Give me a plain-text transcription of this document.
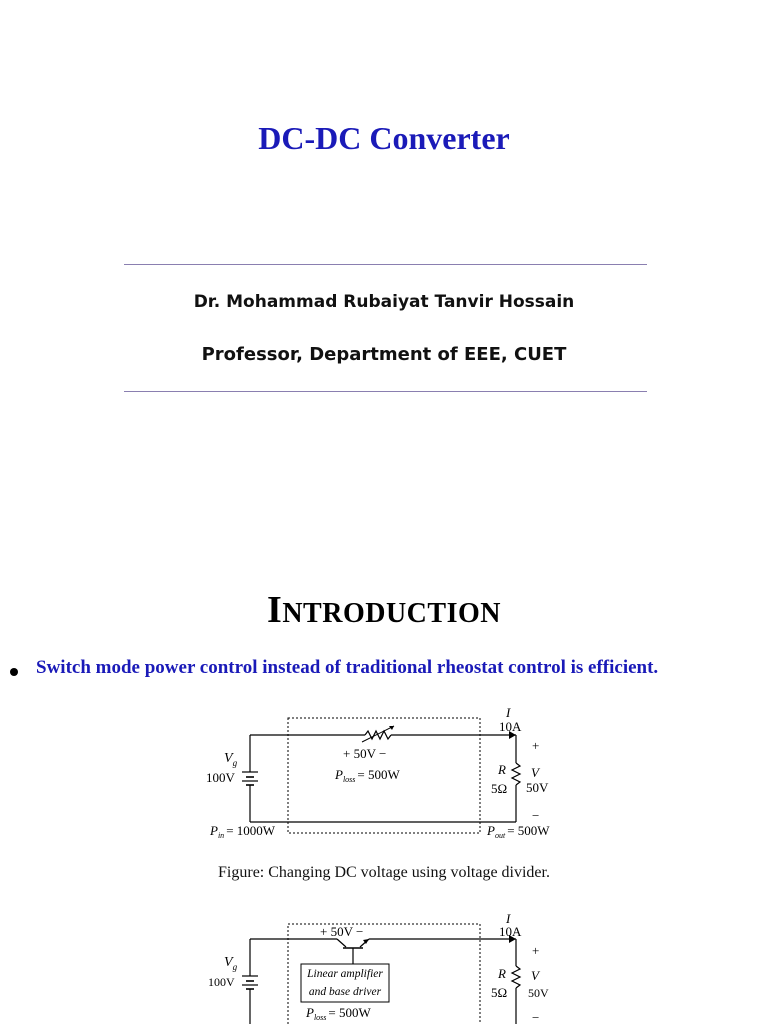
DC-DC Converter
Dr. Mohammad Rubaiyat Tanvir Hossain
Professor, Department of EEE, CUET
INTRODUCTION
Switch mode power control instead of traditional rheostat control is efficient.
$V_g$
100V
+ 50V −
$P_{loss} = 500W$
I
10A
R
5Ω
+
V
50V
−
$P_{in} = 1000W$	$P_{out} = 500W$
Figure: Changing DC voltage using voltage divider.
$V_g$
100V
+ 50V −
Linear amplifier
and base driver
$P_{loss} = 500W$
I
10A
R
5Ω
+
V
50V
−
